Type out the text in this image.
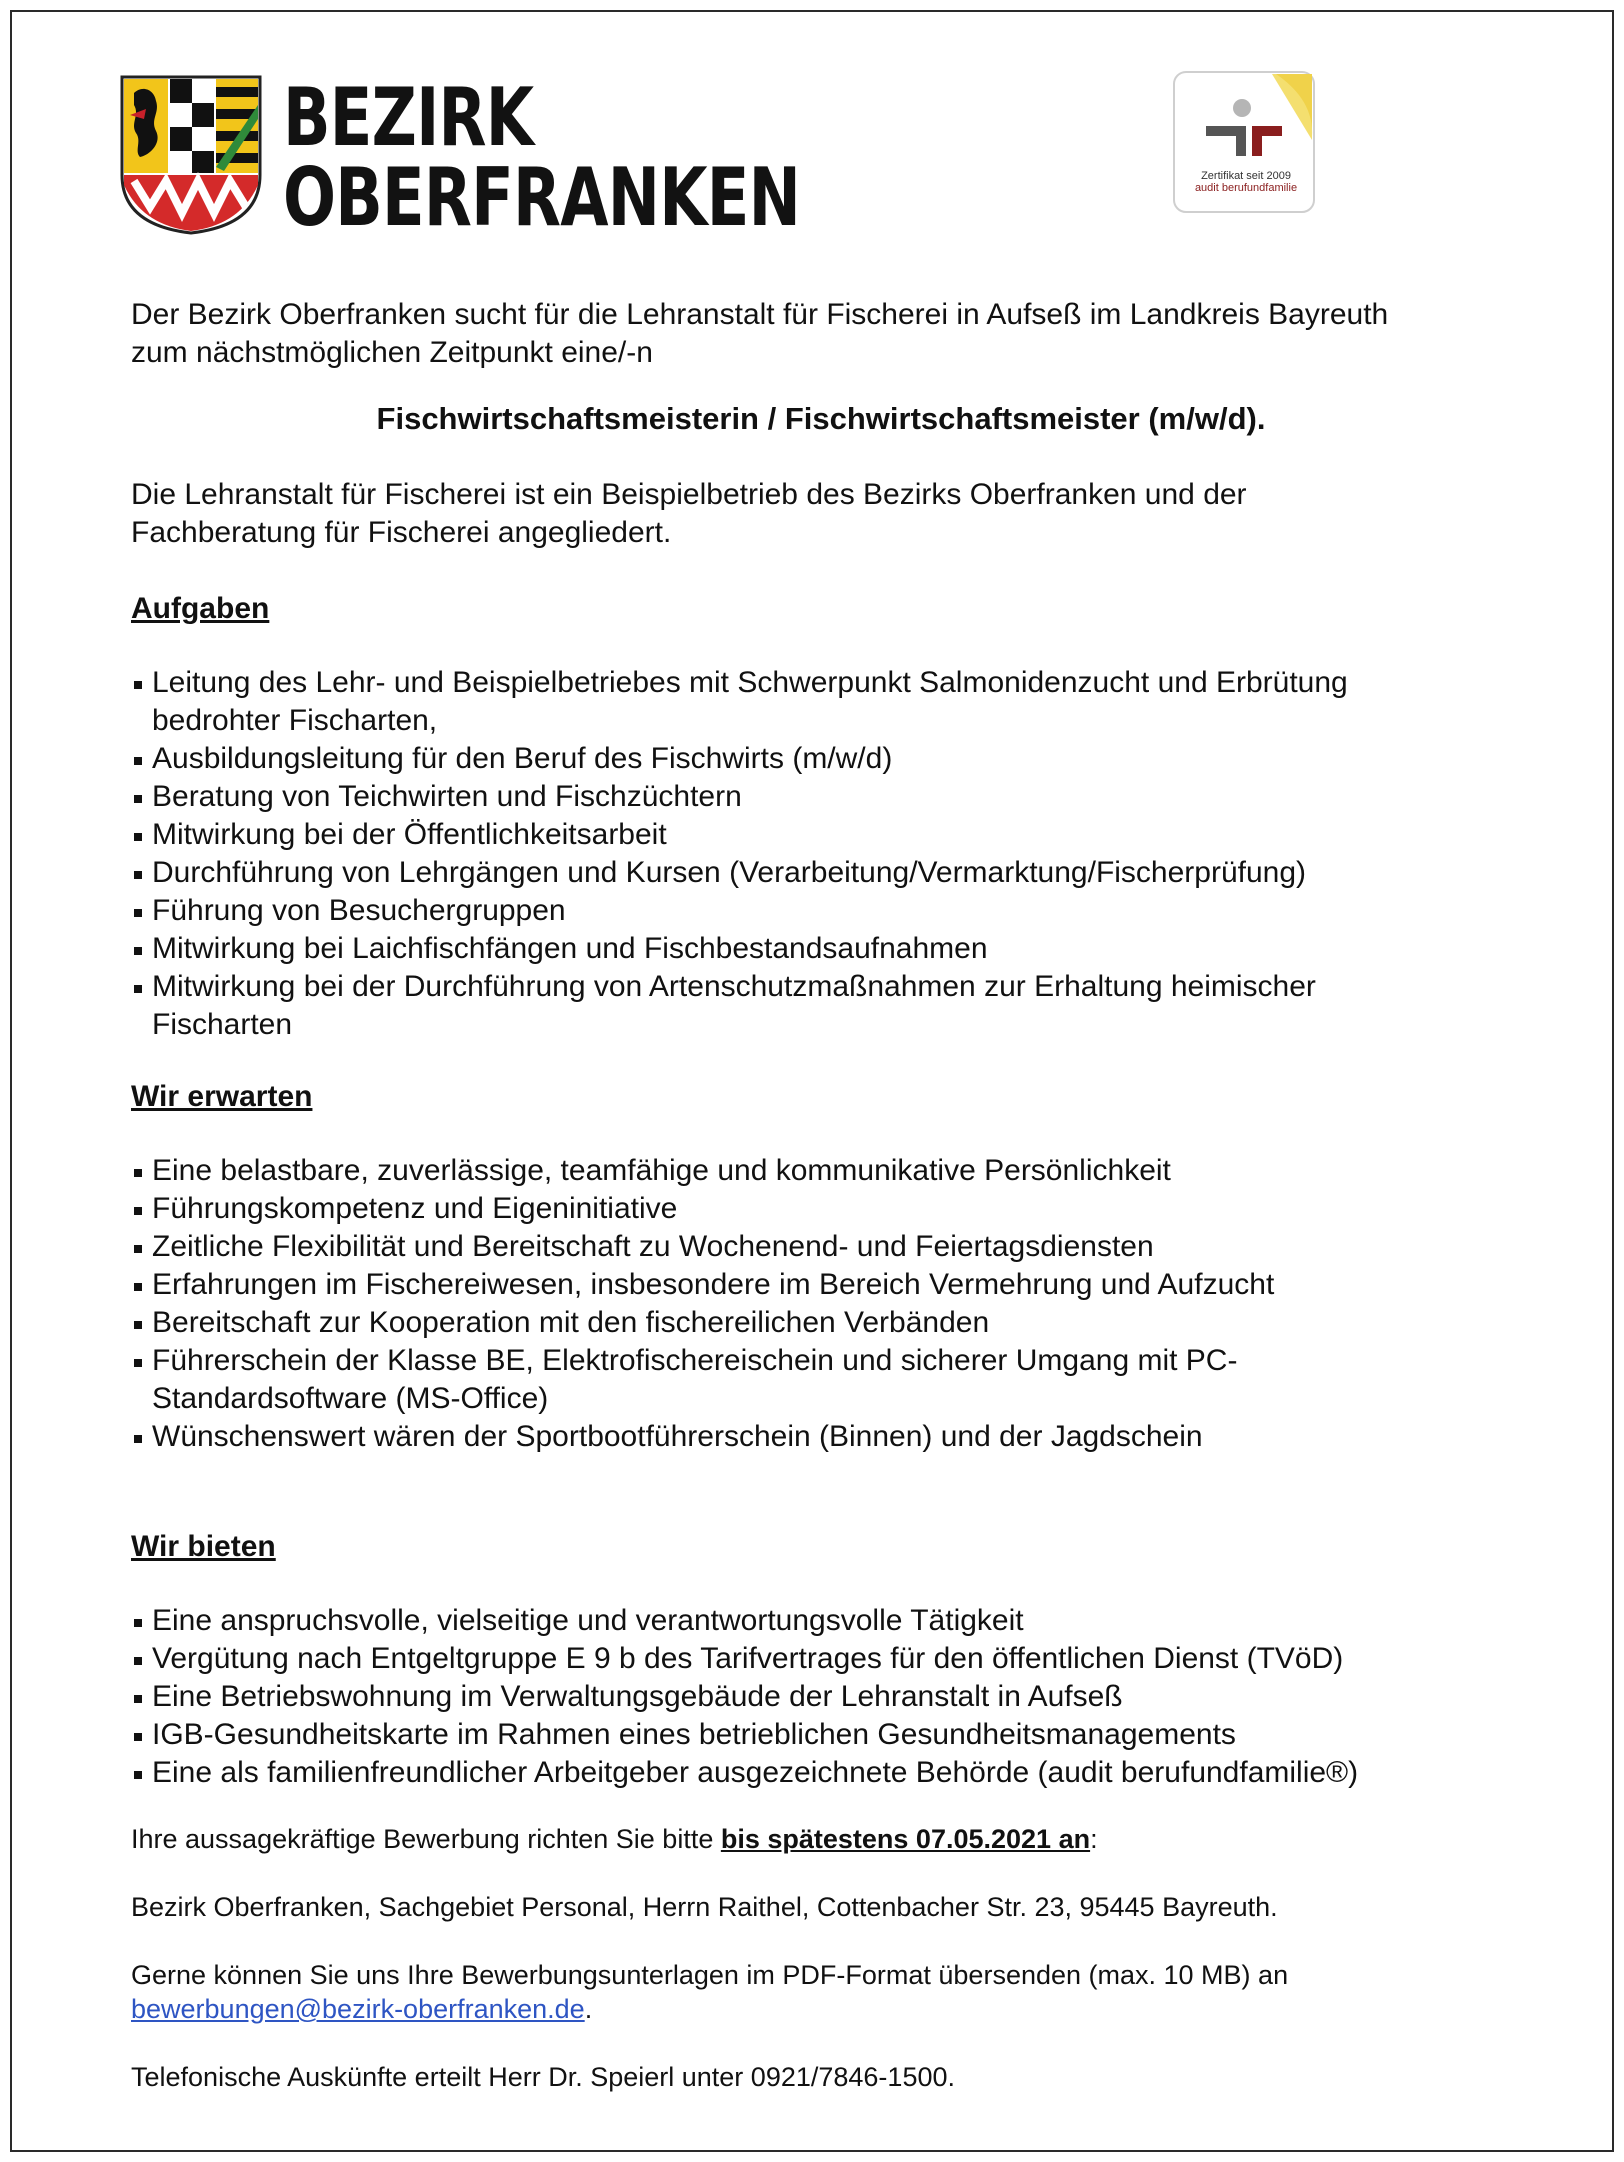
BEZIRK
OBERFRANKEN	Zertifikat seit 2009
audit berufundfamilie

Der Bezirk Oberfranken sucht für die Lehranstalt für Fischerei in Aufseß im Landkreis Bayreuth

zum nächstmöglichen Zeitpunkt eine/-n

Fischwirtschaftsmeisterin / Fischwirtschaftsmeister (m/w/d).

Die Lehranstalt für Fischerei ist ein Beispielbetrieb des Bezirks Oberfranken und der

Fachberatung für Fischerei angegliedert.

Aufgaben

Leitung des Lehr- und Beispielbetriebes mit Schwerpunkt Salmonidenzucht und Erbrütung
bedrohter Fischarten,
Ausbildungsleitung für den Beruf des Fischwirts (m/w/d)
Beratung von Teichwirten und Fischzüchtern
Mitwirkung bei der Öffentlichkeitsarbeit
Durchführung von Lehrgängen und Kursen (Verarbeitung/Vermarktung/Fischerprüfung)
Führung von Besuchergruppen
Mitwirkung bei Laichfischfängen und Fischbestandsaufnahmen
Mitwirkung bei der Durchführung von Artenschutzmaßnahmen zur Erhaltung heimischer
Fischarten

Wir erwarten

Eine belastbare, zuverlässige, teamfähige und kommunikative Persönlichkeit
Führungskompetenz und Eigeninitiative
Zeitliche Flexibilität und Bereitschaft zu Wochenend- und Feiertagsdiensten
Erfahrungen im Fischereiwesen, insbesondere im Bereich Vermehrung und Aufzucht
Bereitschaft zur Kooperation mit den fischereilichen Verbänden
Führerschein der Klasse BE, Elektrofischereischein und sicherer Umgang mit PC-
Standardsoftware (MS-Office)
Wünschenswert wären der Sportbootführerschein (Binnen) und der Jagdschein

Wir bieten

Eine anspruchsvolle, vielseitige und verantwortungsvolle Tätigkeit
Vergütung nach Entgeltgruppe E 9 b des Tarifvertrages für den öffentlichen Dienst (TVöD)
Eine Betriebswohnung im Verwaltungsgebäude der Lehranstalt in Aufseß
IGB-Gesundheitskarte im Rahmen eines betrieblichen Gesundheitsmanagements
Eine als familienfreundlicher Arbeitgeber ausgezeichnete Behörde (audit berufundfamilie®)

Ihre aussagekräftige Bewerbung richten Sie bitte bis spätestens 07.05.2021 an:

Bezirk Oberfranken, Sachgebiet Personal, Herrn Raithel, Cottenbacher Str. 23, 95445 Bayreuth.

Gerne können Sie uns Ihre Bewerbungsunterlagen im PDF-Format übersenden (max. 10 MB) an

bewerbungen@bezirk-oberfranken.de.

Telefonische Auskünfte erteilt Herr Dr. Speierl unter 0921/7846-1500.
